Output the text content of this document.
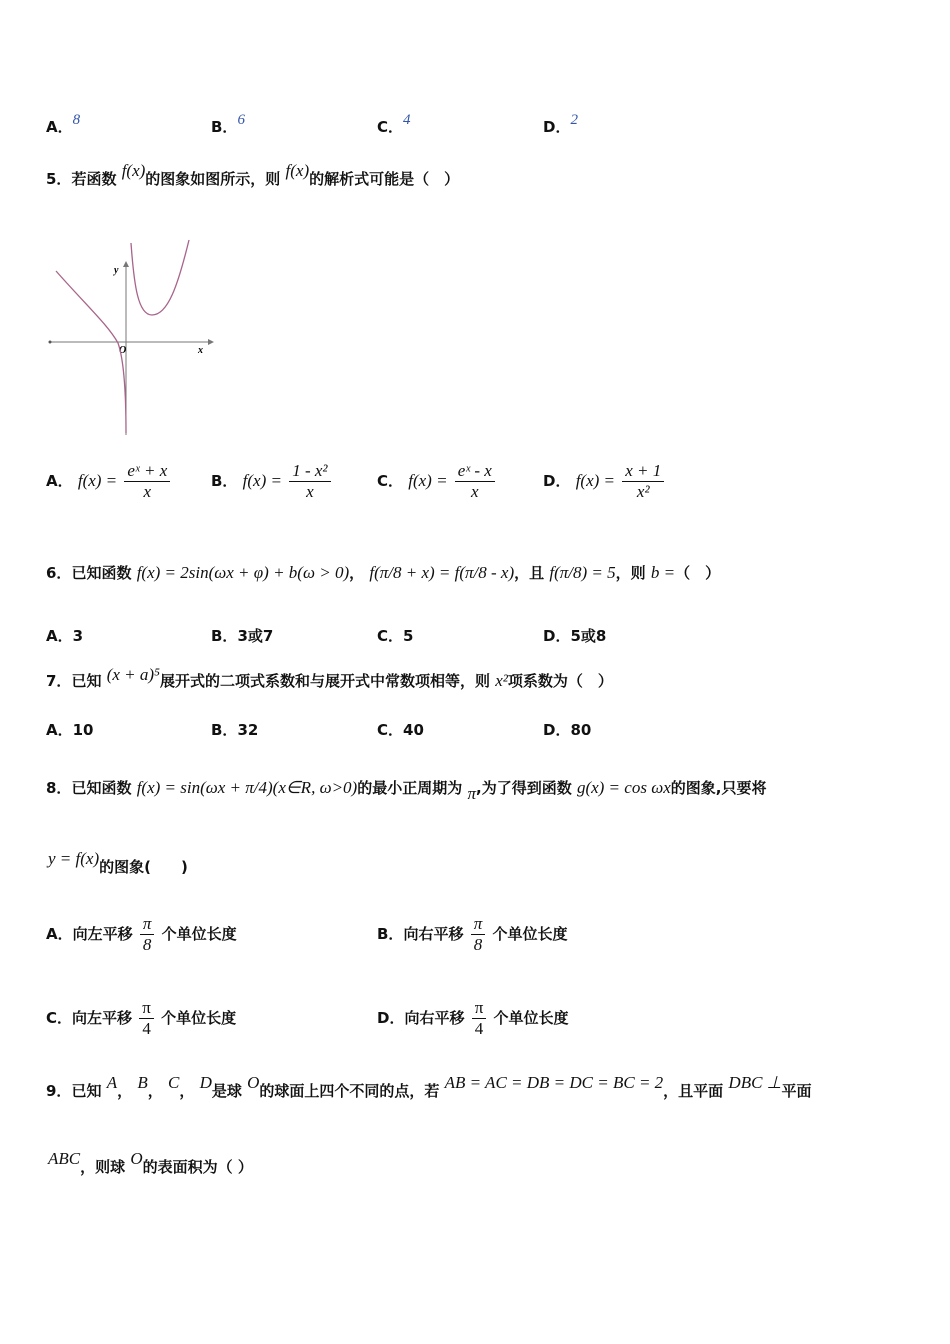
A．8	B．6	C．4	D．2
5．若函数 f(x)的图象如图所示，则 f(x)的解析式可能是（　）
y
x
O
A． $f(x) = \frac{\text{eˣ + x}}{x}$	B． $f(x) = \frac{\text{1 - x²}}{x}$	C． $f(x) = \frac{\text{eˣ - x}}{x}$	D． $f(x) = \frac{x + 1}{\text{x²}}$
6．已知函数 f(x) = 2sin(ωx + φ) + b(ω > 0)， f(π/8 + x) = f(π/8 - x)，且 f(π/8) = 5，则 b =（　）
A．3	B．3或7	C．5	D．5或8
7．已知 (x + a)⁵展开式的二项式系数和与展开式中常数项相等，则 x²项系数为（　）
A．10	B．32	C．40	D．80
8．已知函数 f(x) = sin(ωx + π/4)(x∈R, ω>0)的最小正周期为 π,为了得到函数 g(x) = cos ωx的图象,只要将
y = f(x)的图象(　　)
A．向左平移 $\frac{\pi}{8}$ 个单位长度	B．向右平移 $\frac{\pi}{8}$ 个单位长度
C．向左平移 $\frac{\pi}{4}$ 个单位长度	D．向右平移 $\frac{\pi}{4}$ 个单位长度
9．已知 A， B， C， D是球 O的球面上四个不同的点，若 AB = AC = DB = DC = BC = 2，且平面 DBC ⊥平面
ABC，则球 O的表面积为（ ）
